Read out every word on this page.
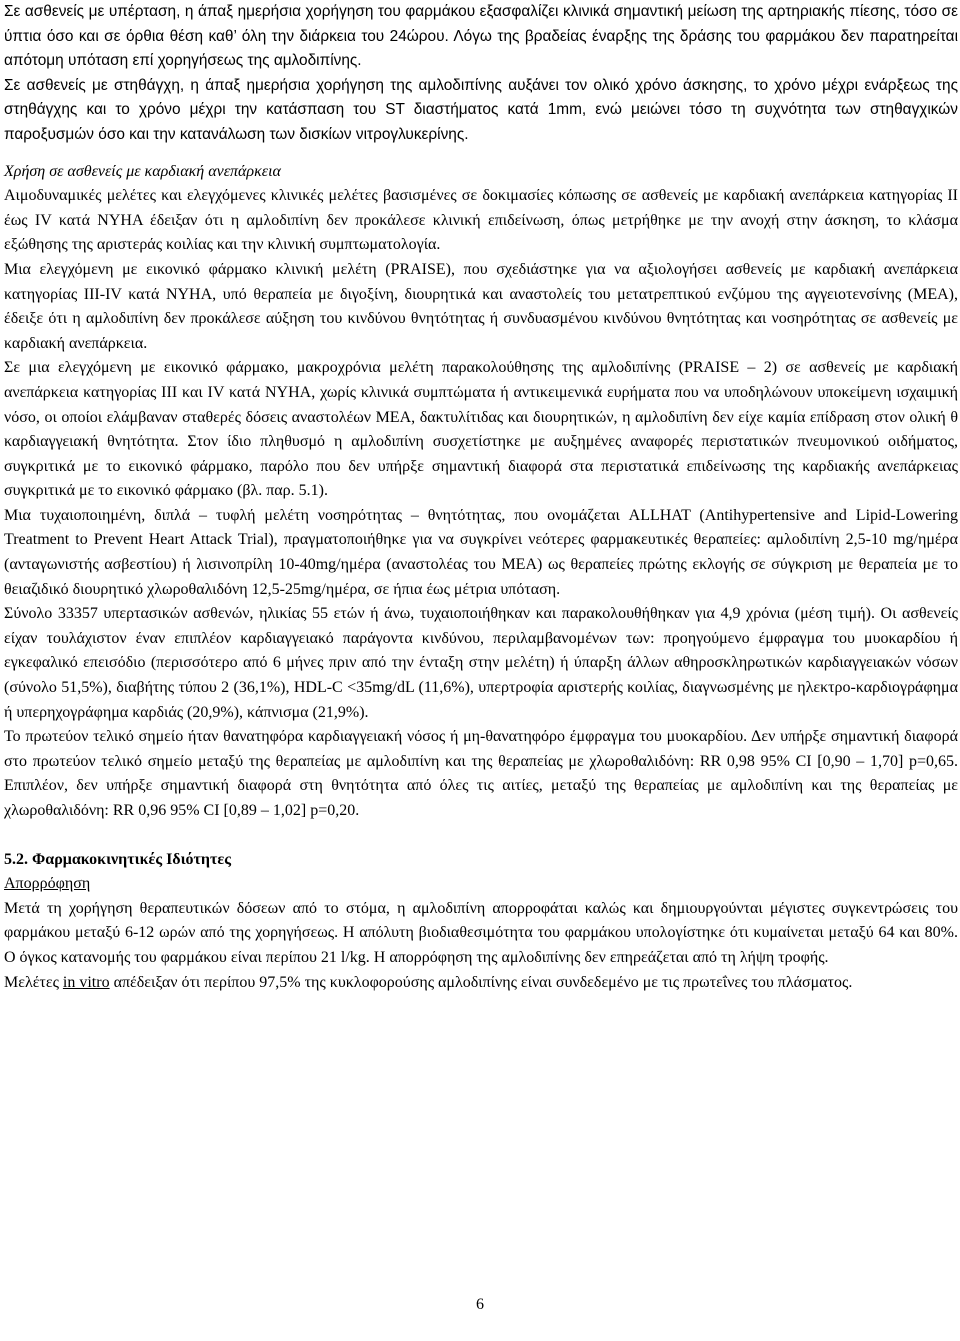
Σε ασθενείς με υπέρταση, η άπαξ ημερήσια χορήγηση του φαρμάκου εξασφαλίζει κλινικά σημαντική μείωση της αρτηριακής πίεσης, τόσο σε ύπτια όσο και σε όρθια θέση καθ’ όλη την διάρκεια του 24ώρου. Λόγω της βραδείας έναρξης της δράσης του φαρμάκου δεν παρατηρείται απότομη υπόταση επί χορηγήσεως της αμλοδιπίνης.

Σε ασθενείς με στηθάγχη, η άπαξ ημερήσια χορήγηση της αμλοδιπίνης αυξάνει τον ολικό χρόνο άσκησης, το χρόνο μέχρι ενάρξεως της στηθάγχης και το χρόνο μέχρι την κατάσπαση του ST διαστήματος κατά 1mm, ενώ μειώνει τόσο τη συχνότητα των στηθαγχικών παροξυσμών όσο και την κατανάλωση των δισκίων νιτρογλυκερίνης.

Χρήση σε ασθενείς με καρδιακή ανεπάρκεια

Αιμοδυναμικές μελέτες και ελεγχόμενες κλινικές μελέτες βασισμένες σε δοκιμασίες κόπωσης σε ασθενείς με καρδιακή ανεπάρκεια κατηγορίας II έως IV κατά NYHA έδειξαν ότι η αμλοδιπίνη δεν προκάλεσε κλινική επιδείνωση, όπως μετρήθηκε με την ανοχή στην άσκηση, το κλάσμα εξώθησης της αριστεράς κοιλίας και την κλινική συμπτωματολογία.

Μια ελεγχόμενη με εικονικό φάρμακο κλινική μελέτη (PRAISE), που σχεδιάστηκε για να αξιολογήσει ασθενείς με καρδιακή ανεπάρκεια κατηγορίας III-IV κατά NYHA, υπό θεραπεία με διγοξίνη, διουρητικά και αναστολείς του μετατρεπτικού ενζύμου της αγγειοτενσίνης (ΜΕΑ), έδειξε ότι η αμλοδιπίνη δεν προκάλεσε αύξηση του κινδύνου θνητότητας ή συνδυασμένου κινδύνου θνητότητας και νοσηρότητας σε ασθενείς με καρδιακή ανεπάρκεια.

Σε μια ελεγχόμενη με εικονικό φάρμακο, μακροχρόνια μελέτη παρακολούθησης της αμλοδιπίνης (PRAISE – 2) σε ασθενείς με καρδιακή ανεπάρκεια κατηγορίας III και IV κατά NYHA, χωρίς κλινικά συμπτώματα ή αντικειμενικά ευρήματα που να υποδηλώνουν υποκείμενη ισχαιμική νόσο, οι οποίοι ελάμβαναν σταθερές δόσεις αναστολέων ΜΕΑ, δακτυλίτιδας και διουρητικών, η αμλοδιπίνη δεν είχε καμία επίδραση στον ολική θ καρδιαγγειακή θνητότητα. Στον ίδιο πληθυσμό η αμλοδιπίνη συσχετίστηκε με αυξημένες αναφορές περιστατικών πνευμονικού οιδήματος, συγκριτικά με το εικονικό φάρμακο, παρόλο που δεν υπήρξε σημαντική διαφορά στα περιστατικά επιδείνωσης της καρδιακής ανεπάρκειας συγκριτικά με το εικονικό φάρμακο (βλ. παρ. 5.1).

Μια τυχαιοποιημένη, διπλά – τυφλή μελέτη νοσηρότητας – θνητότητας, που ονομάζεται ALLHAT (Antihypertensive and Lipid-Lowering Treatment to Prevent Heart Attack Trial), πραγματοποιήθηκε για να συγκρίνει νεότερες φαρμακευτικές θεραπείες: αμλοδιπίνη 2,5-10 mg/ημέρα (ανταγωνιστής ασβεστίου) ή λισινοπρίλη 10-40mg/ημέρα (αναστολέας του ΜΕΑ) ως θεραπείες πρώτης εκλογής σε σύγκριση με θεραπεία με το θειαζιδικό διουρητικό χλωροθαλιδόνη 12,5-25mg/ημέρα, σε ήπια έως μέτρια υπόταση.

Σύνολο 33357 υπερτασικών ασθενών, ηλικίας 55 ετών ή άνω, τυχαιοποιήθηκαν και παρακολουθήθηκαν για 4,9 χρόνια (μέση τιμή). Οι ασθενείς είχαν τουλάχιστον έναν επιπλέον καρδιαγγειακό παράγοντα κινδύνου, περιλαμβανομένων των: προηγούμενο έμφραγμα του μυοκαρδίου ή εγκεφαλικό επεισόδιο (περισσότερο από 6 μήνες πριν από την ένταξη στην μελέτη) ή ύπαρξη άλλων αθηροσκληρωτικών καρδιαγγειακών νόσων (σύνολο 51,5%), διαβήτης τύπου 2 (36,1%), HDL-C <35mg/dL (11,6%), υπερτροφία αριστερής κοιλίας, διαγνωσμένης με ηλεκτρο-καρδιογράφημα ή υπερηχογράφημα καρδιάς (20,9%), κάπνισμα (21,9%).

Το πρωτεύον τελικό σημείο ήταν θανατηφόρα καρδιαγγειακή νόσος ή μη-θανατηφόρο έμφραγμα του μυοκαρδίου. Δεν υπήρξε σημαντική διαφορά στο πρωτεύον τελικό σημείο μεταξύ της θεραπείας με αμλοδιπίνη και της θεραπείας με χλωροθαλιδόνη: RR 0,98 95% CI [0,90 – 1,70] p=0,65. Επιπλέον, δεν υπήρξε σημαντική διαφορά στη θνητότητα από όλες τις αιτίες, μεταξύ της θεραπείας με αμλοδιπίνη και της θεραπείας με χλωροθαλιδόνη: RR 0,96 95% CI [0,89 – 1,02] p=0,20.

5.2. Φαρμακοκινητικές Ιδιότητες

Απορρόφηση

Μετά τη χορήγηση θεραπευτικών δόσεων από το στόμα, η αμλοδιπίνη απορροφάται καλώς και δημιουργούνται μέγιστες συγκεντρώσεις του φαρμάκου μεταξύ 6-12 ωρών από της χορηγήσεως. Η απόλυτη βιοδιαθεσιμότητα του φαρμάκου υπολογίστηκε ότι κυμαίνεται μεταξύ 64 και 80%. Ο όγκος κατανομής του φαρμάκου είναι περίπου 21 l/kg. Η απορρόφηση της αμλοδιπίνης δεν επηρεάζεται από τη λήψη τροφής.

Μελέτες in vitro απέδειξαν ότι περίπου 97,5% της κυκλοφορούσης αμλοδιπίνης είναι συνδεδεμένο με τις πρωτεΐνες του πλάσματος.

6
